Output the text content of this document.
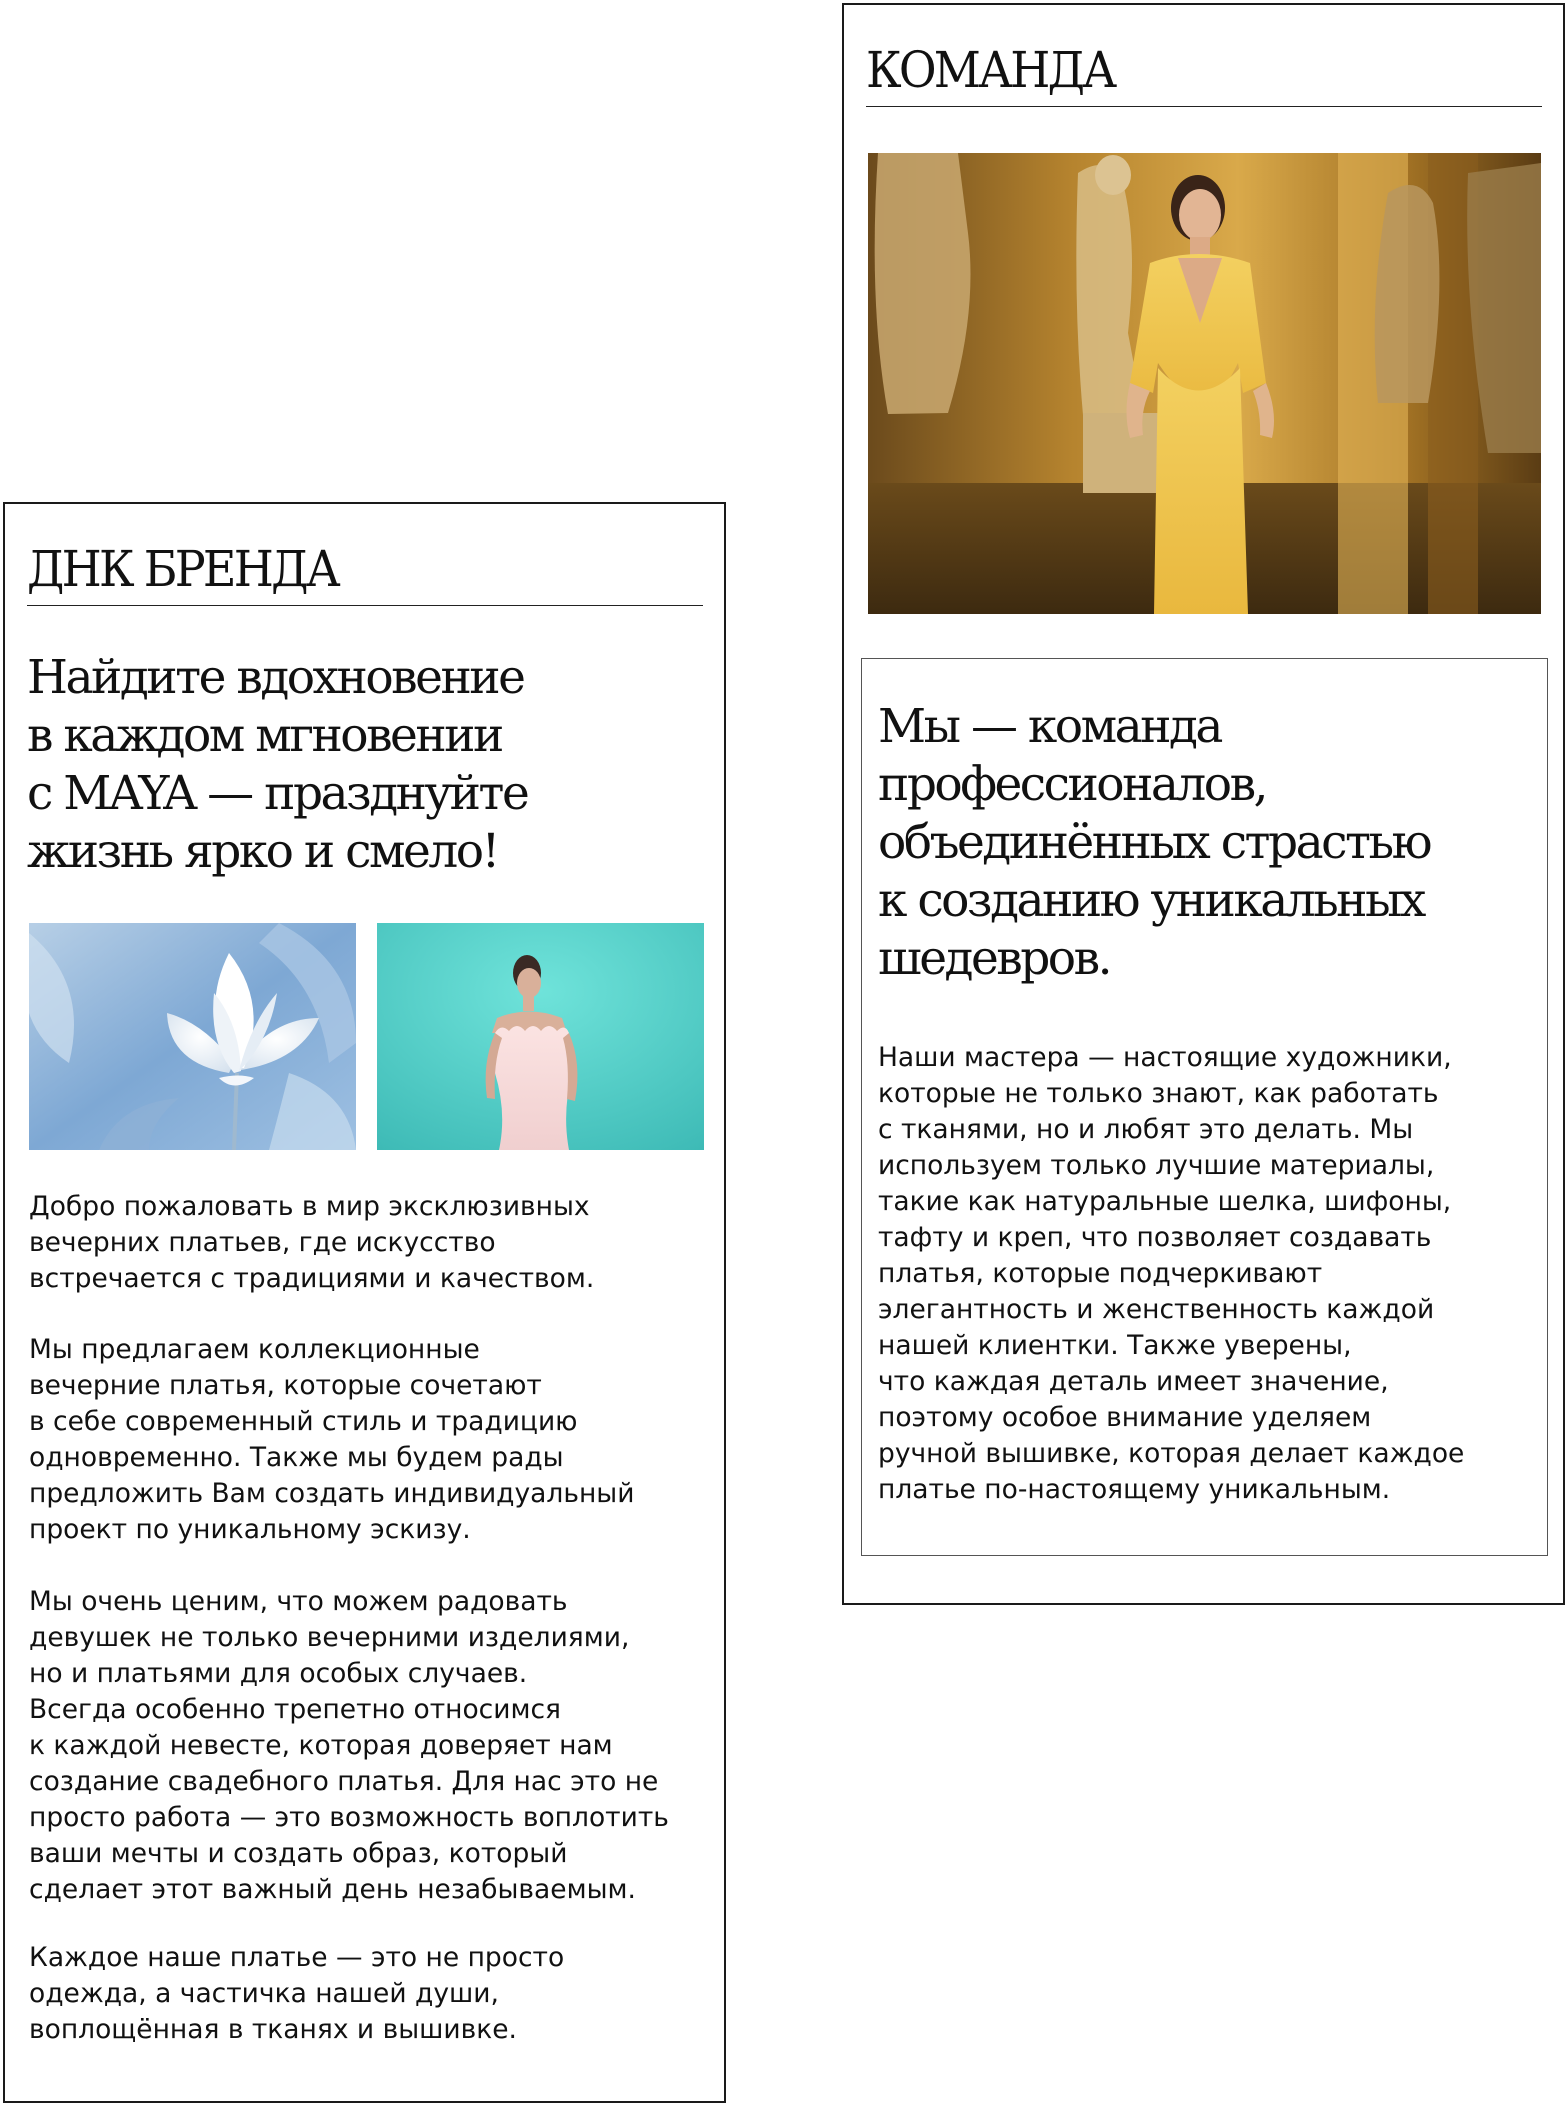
ДНК БРЕНДА

Найдите вдохновение
в каждом мгновении
с MAYA — празднуйте
жизнь ярко и смело!

Добро пожаловать в мир эксклюзивных
вечерних платьев, где искусство
встречается с традициями и качеством.

Мы предлагаем коллекционные
вечерние платья, которые сочетают
в себе современный стиль и традицию
одновременно. Также мы будем рады
предложить Вам создать индивидуальный
проект по уникальному эскизу.

Мы очень ценим, что можем радовать
девушек не только вечерними изделиями,
но и платьями для особых случаев.
Всегда особенно трепетно относимся
к каждой невесте, которая доверяет нам
создание свадебного платья. Для нас это не
просто работа — это возможность воплотить
ваши мечты и создать образ, который
сделает этот важный день незабываемым.

Каждое наше платье — это не просто
одежда, а частичка нашей души,
воплощённая в тканях и вышивке.

КОМАНДА

Мы — команда
профессионалов,
объединённых страстью
к созданию уникальных
шедевров.

Наши мастера — настоящие художники,
которые не только знают, как работать
с тканями, но и любят это делать. Мы
используем только лучшие материалы,
такие как натуральные шелка, шифоны,
тафту и креп, что позволяет создавать
платья, которые подчеркивают
элегантность и женственность каждой
нашей клиентки. Также уверены,
что каждая деталь имеет значение,
поэтому особое внимание уделяем
ручной вышивке, которая делает каждое
платье по-настоящему уникальным.
